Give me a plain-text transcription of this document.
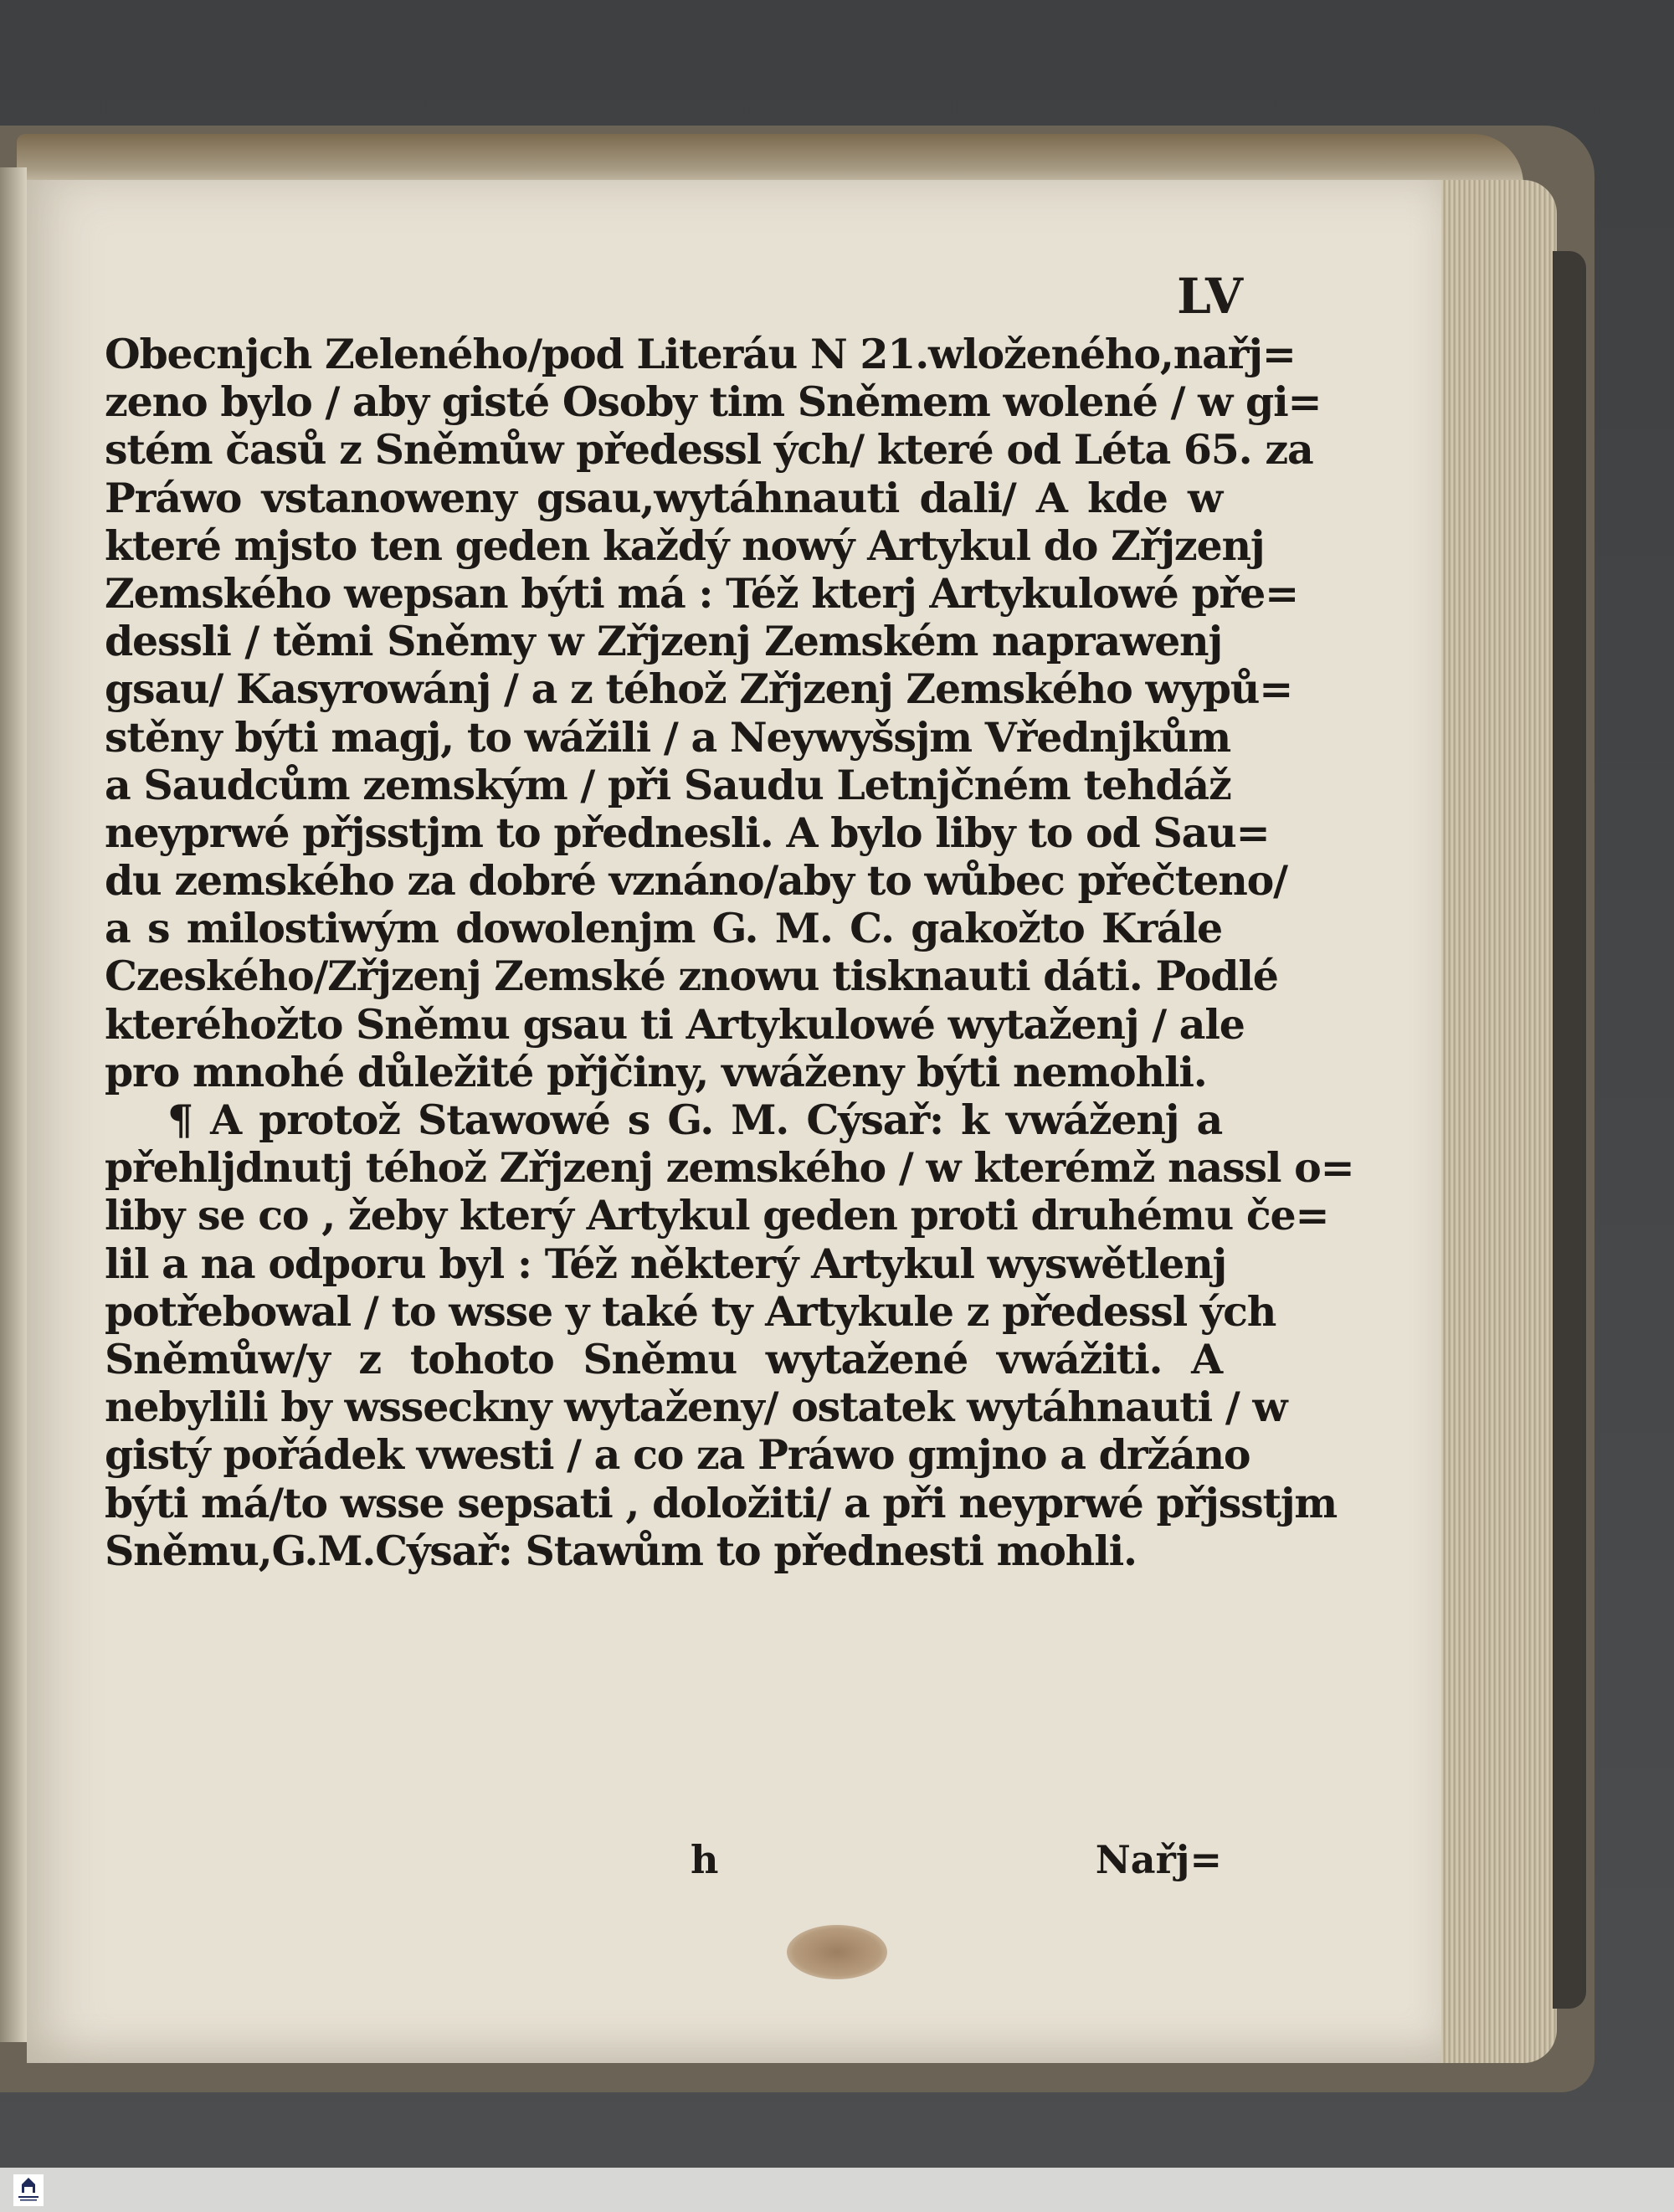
LV
Obecnjch Zeleného/pod Literáu N 21.wloženého,nařj=
zeno bylo / aby gisté Osoby tim Sněmem wolené / w gi=
stém časů z Sněmůw předessl ých/ které od Léta 65. za
Práwo vstanoweny gsau,wytáhnauti dali/ A kde w
které mjsto ten geden každý nowý Artykul do Zřjzenj
Zemského wepsan býti má : Též kterj Artykulowé pře=
dessli / těmi Sněmy w Zřjzenj Zemském naprawenj
gsau/ Kasyrowánj / a z téhož Zřjzenj Zemského wypů=
stěny býti magj, to wážili / a Neywyšsjm Vřednjkům
a Saudcům zemským / při Saudu Letnjčném tehdáž
neyprwé přjsstjm to přednesli. A bylo liby to od Sau=
du zemského za dobré vznáno/aby to wůbec přečteno/
a s milostiwým dowolenjm G. M. C. gakožto Krále
Czeského/Zřjzenj Zemské znowu tisknauti dáti. Podlé
kteréhožto Sněmu gsau ti Artykulowé wytaženj / ale
pro mnohé důležité přjčiny, vwáženy býti nemohli.
¶ A protož Stawowé s G. M. Cýsař: k vwáženj a
přehljdnutj téhož Zřjzenj zemského / w kterémž nassl o=
liby se co , žeby který Artykul geden proti druhému če=
lil a na odporu byl : Též některý Artykul wyswětlenj
potřebowal / to wsse y také ty Artykule z předessl ých
Sněmůw/y z tohoto Sněmu wytažené vwážiti. A
nebylili by wsseckny wytaženy/ ostatek wytáhnauti / w
gistý pořádek vwesti / a co za Práwo gmjno a držáno
býti má/to wsse sepsati , doložiti/ a při neyprwé přjsstjm
Sněmu,G.M.Cýsař: Stawům to přednesti mohli.
h	Nařj=
